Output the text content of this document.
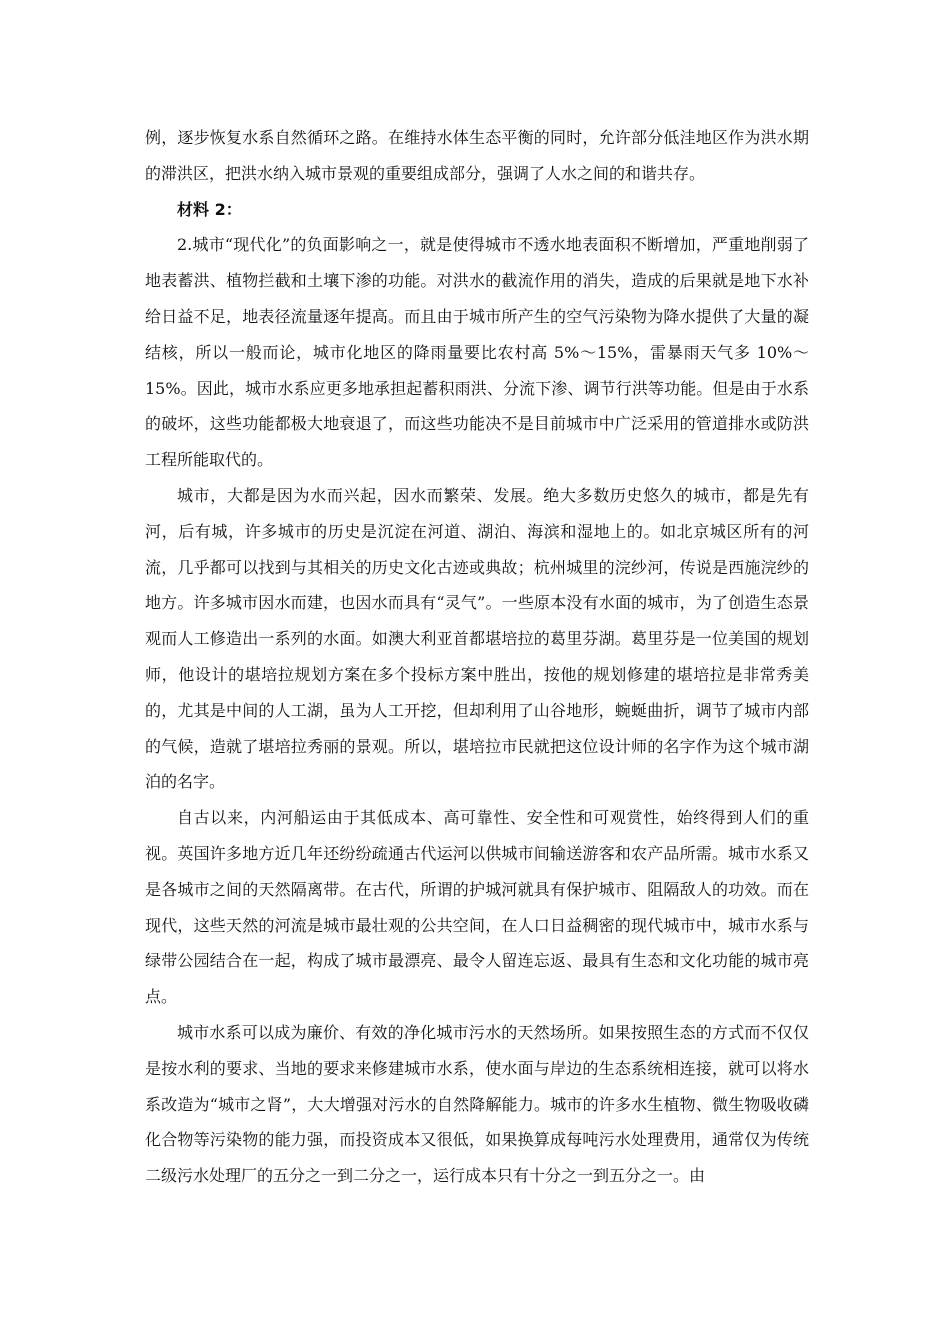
例，逐步恢复水系自然循环之路。在维持水体生态平衡的同时，允许部分低洼地区作为洪水期的滞洪区，把洪水纳入城市景观的重要组成部分，强调了人水之间的和谐共存。

材料 2：

2.城市“现代化”的负面影响之一，就是使得城市不透水地表面积不断增加，严重地削弱了地表蓄洪、植物拦截和土壤下渗的功能。对洪水的截流作用的消失，造成的后果就是地下水补给日益不足，地表径流量逐年提高。而且由于城市所产生的空气污染物为降水提供了大量的凝结核，所以一般而论，城市化地区的降雨量要比农村高 5%～15%，雷暴雨天气多 10%～15%。因此，城市水系应更多地承担起蓄积雨洪、分流下渗、调节行洪等功能。但是由于水系的破坏，这些功能都极大地衰退了，而这些功能决不是目前城市中广泛采用的管道排水或防洪工程所能取代的。

城市，大都是因为水而兴起，因水而繁荣、发展。绝大多数历史悠久的城市，都是先有河，后有城，许多城市的历史是沉淀在河道、湖泊、海滨和湿地上的。如北京城区所有的河流，几乎都可以找到与其相关的历史文化古迹或典故；杭州城里的浣纱河，传说是西施浣纱的地方。许多城市因水而建，也因水而具有“灵气”。一些原本没有水面的城市，为了创造生态景观而人工修造出一系列的水面。如澳大利亚首都堪培拉的葛里芬湖。葛里芬是一位美国的规划师，他设计的堪培拉规划方案在多个投标方案中胜出，按他的规划修建的堪培拉是非常秀美的，尤其是中间的人工湖，虽为人工开挖，但却利用了山谷地形，蜿蜒曲折，调节了城市内部的气候，造就了堪培拉秀丽的景观。所以，堪培拉市民就把这位设计师的名字作为这个城市湖泊的名字。

自古以来，内河船运由于其低成本、高可靠性、安全性和可观赏性，始终得到人们的重视。英国许多地方近几年还纷纷疏通古代运河以供城市间输送游客和农产品所需。城市水系又是各城市之间的天然隔离带。在古代，所谓的护城河就具有保护城市、阻隔敌人的功效。而在现代，这些天然的河流是城市最壮观的公共空间，在人口日益稠密的现代城市中，城市水系与绿带公园结合在一起，构成了城市最漂亮、最令人留连忘返、最具有生态和文化功能的城市亮点。

城市水系可以成为廉价、有效的净化城市污水的天然场所。如果按照生态的方式而不仅仅是按水利的要求、当地的要求来修建城市水系，使水面与岸边的生态系统相连接，就可以将水系改造为“城市之肾”，大大增强对污水的自然降解能力。城市的许多水生植物、微生物吸收磷化合物等污染物的能力强，而投资成本又很低，如果换算成每吨污水处理费用，通常仅为传统二级污水处理厂的五分之一到二分之一，运行成本只有十分之一到五分之一。由
